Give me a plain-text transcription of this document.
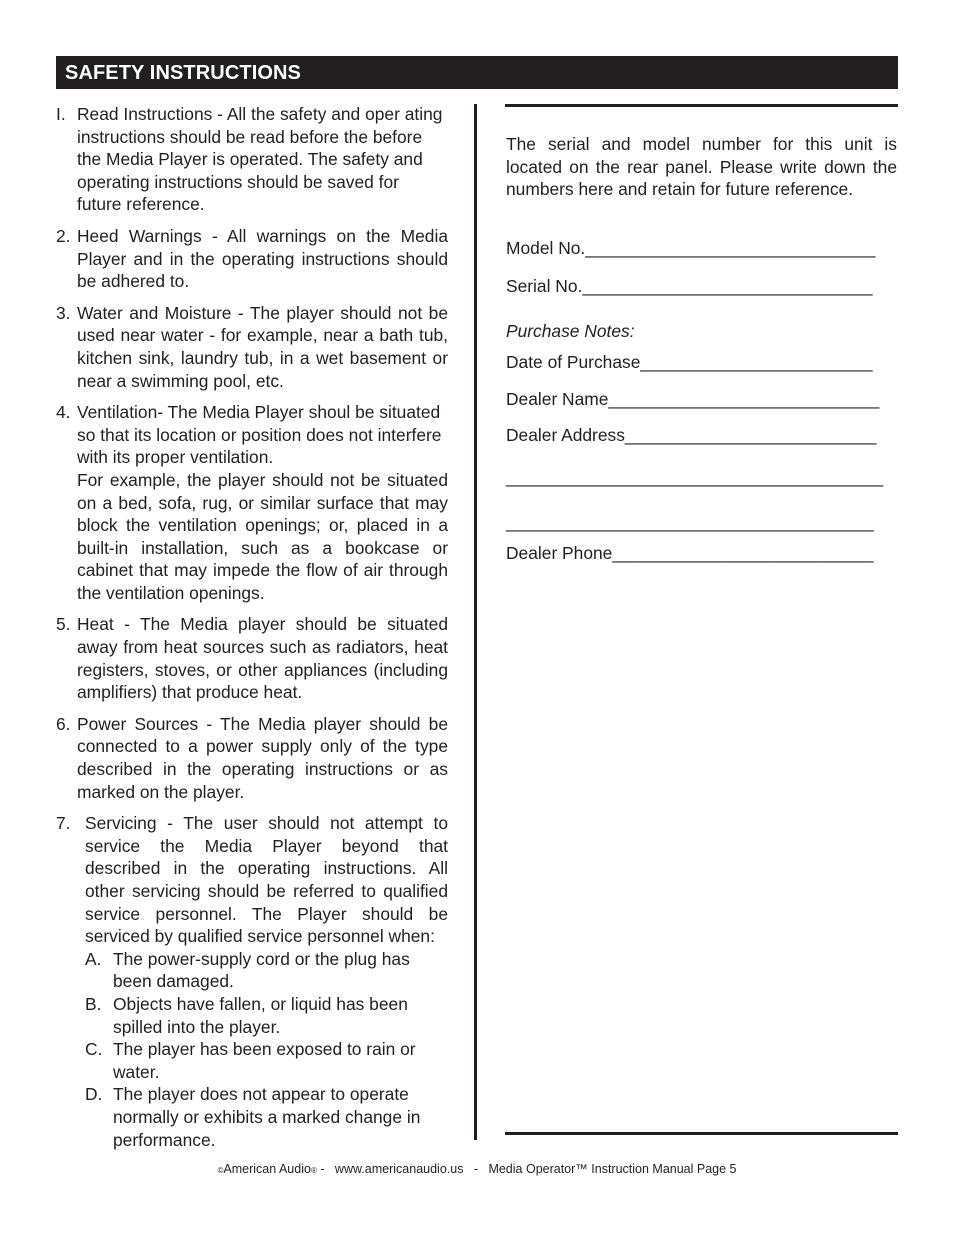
SAFETY INSTRUCTIONS
I. Read Instructions - All the safety and oper ating instructions should be read before the before the Media Player is operated. The safety and operating instructions should be saved for future reference.
2. Heed Warnings - All warnings on the Media Player and in the operating instructions should be adhered to.
3. Water and Moisture - The player should not be used near water - for example, near a bath tub, kitchen sink, laundry tub, in a wet basement or near a swimming pool, etc.
4. Ventilation- The Media Player shoul be situated so that its location or position does not interfere with its proper ventilation.
For example, the player should not be situated on a bed, sofa, rug, or similar surface that may block the ventilation openings; or, placed in a built-in installation, such as a bookcase or cabinet that may impede the flow of air through the ventilation openings.
5. Heat - The Media player should be situated away from heat sources such as radiators, heat registers, stoves, or other appliances (including amplifiers) that produce heat.
6. Power Sources - The Media player should be connected to a power supply only of the type described in the operating instructions or as marked on the player.
7. Servicing - The user should not attempt to service the Media Player beyond that described in the operating instructions. All other servicing should be referred to qualified service personnel. The Player should be serviced by qualified service personnel when:
A. The power-supply cord or the plug has been damaged.
B. Objects have fallen, or liquid has been spilled into the player.
C. The player has been exposed to rain or water.
D. The player does not appear to operate normally or exhibits a marked change in performance.

The serial and model number for this unit is located on the rear panel. Please write down the numbers here and retain for future reference.

Model No.______________________________
Serial No.______________________________
Purchase Notes:
Date of Purchase________________________
Dealer Name____________________________
Dealer Address__________________________
_______________________________________
______________________________________
Dealer Phone___________________________
©American Audio® -   www.americanaudio.us   -   Media Operator™ Instruction Manual Page 5
